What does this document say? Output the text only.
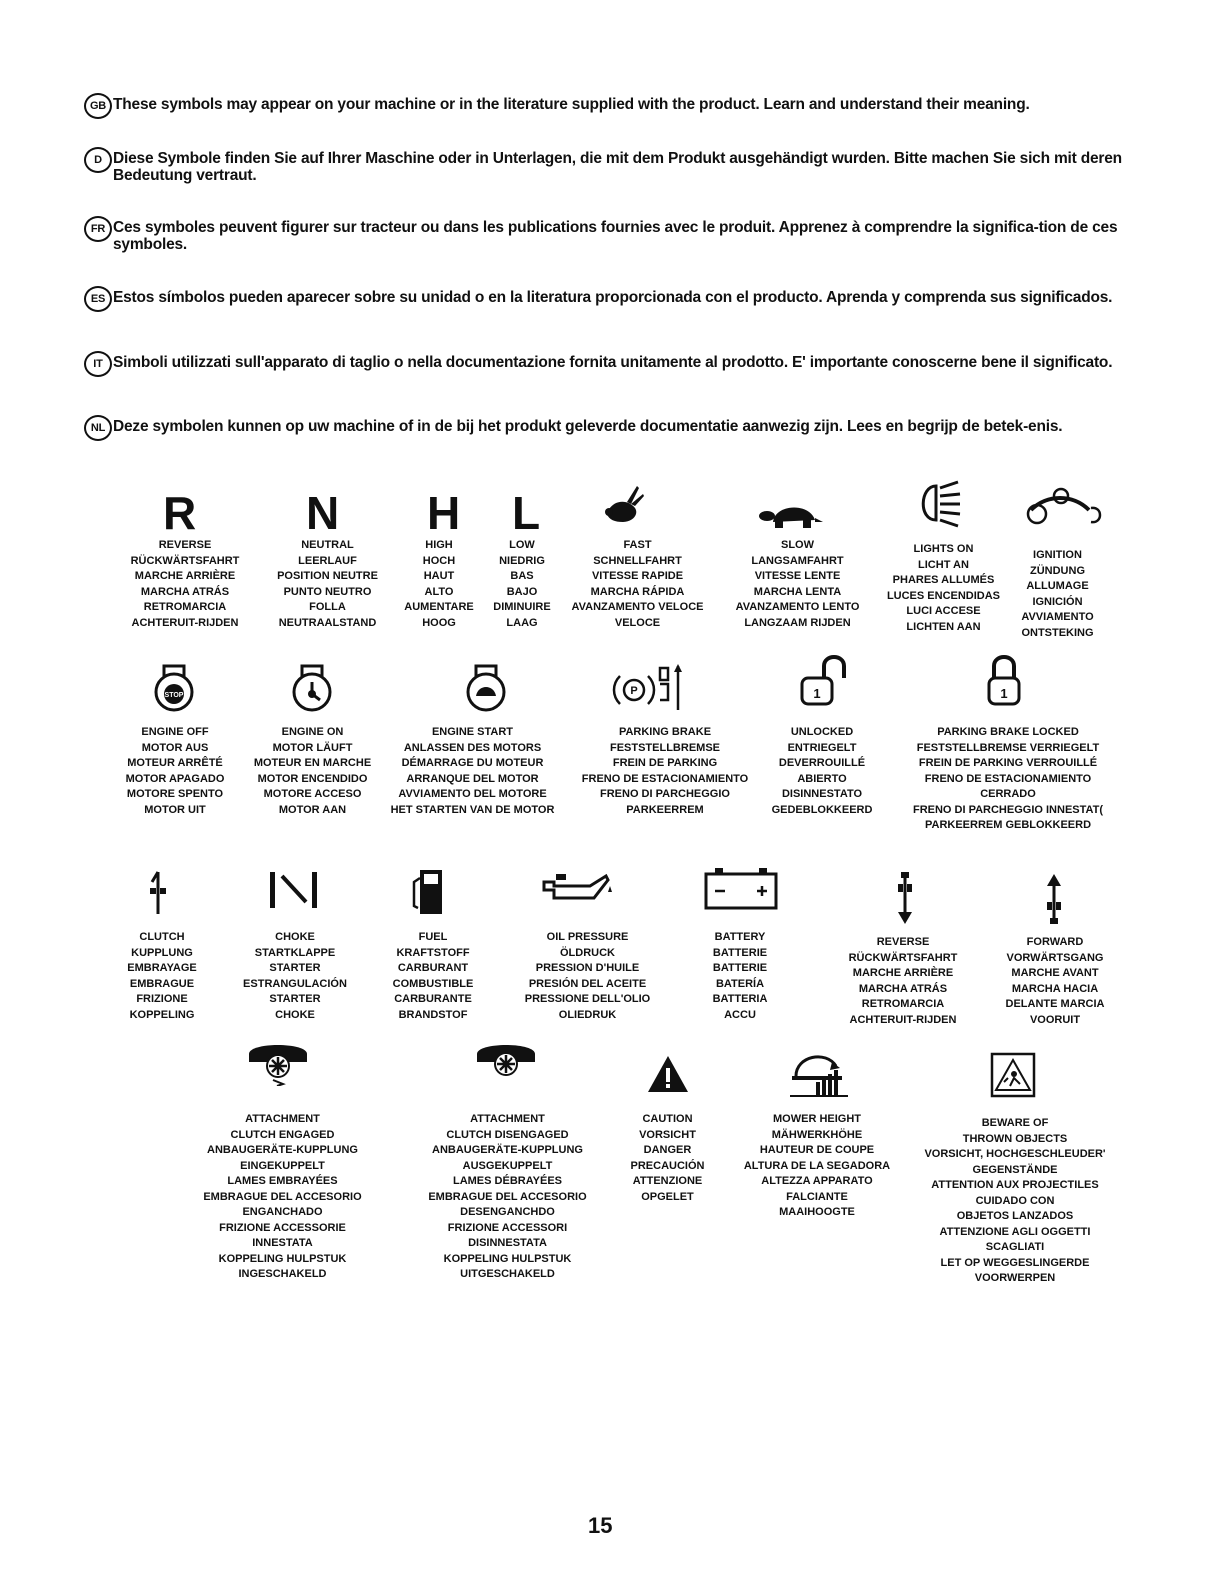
GB These symbols may appear on your machine or in the literature supplied with the product. Learn and understand their meaning.
D Diese Symbole finden Sie auf Ihrer Maschine oder in Unterlagen, die mit dem Produkt ausgehändigt wurden. Bitte machen Sie sich mit deren Bedeutung vertraut.
FR Ces symboles peuvent figurer sur tracteur ou dans les publications fournies avec le produit. Apprenez à comprendre la significa-tion de ces symboles.
ES Estos símbolos pueden aparecer sobre su unidad o en la literatura proporcionada con el producto. Aprenda y comprenda sus significados.
IT Simboli utilizzati sull'apparato di taglio o nella documentazione fornita unitamente al prodotto. E' importante conoscerne bene il significato.
NL Deze symbolen kunnen op uw machine of in de bij het produkt geleverde documentatie aanwezig zijn. Lees en begrijp de betek-enis.
R N H L
REVERSE
RÜCKWÄRTSFAHRT
MARCHE ARRIÈRE
MARCHA ATRÁS
RETROMARCIA
ACHTERUIT-RIJDEN
NEUTRAL
LEERLAUF
POSITION NEUTRE
PUNTO NEUTRO
FOLLA
NEUTRAALSTAND
HIGH
HOCH
HAUT
ALTO
AUMENTARE
HOOG
LOW
NIEDRIG
BAS
BAJO
DIMINUIRE
LAAG
FAST
SCHNELLFAHRT
VITESSE RAPIDE
MARCHA RÁPIDA
AVANZAMENTO VELOCE
VELOCE
SLOW
LANGSAMFAHRT
VITESSE LENTE
MARCHA LENTA
AVANZAMENTO LENTO
LANGZAAM RIJDEN
LIGHTS ON
LICHT AN
PHARES ALLUMÉS
LUCES ENCENDIDAS
LUCI ACCESE
LICHTEN AAN
IGNITION
ZÜNDUNG
ALLUMAGE
IGNICIÓN
AVVIAMENTO
ONTSTEKING
STOP	P	1	1
ENGINE OFF
MOTOR AUS
MOTEUR ARRÊTÉ
MOTOR APAGADO
MOTORE SPENTO
MOTOR UIT
ENGINE ON
MOTOR LÄUFT
MOTEUR EN MARCHE
MOTOR ENCENDIDO
MOTORE ACCESO
MOTOR AAN
ENGINE START
ANLASSEN DES MOTORS
DÉMARRAGE DU MOTEUR
ARRANQUE DEL MOTOR
AVVIAMENTO DEL MOTORE
HET STARTEN VAN DE MOTOR
PARKING BRAKE
FESTSTELLBREMSE
FREIN DE PARKING
FRENO DE ESTACIONAMIENTO
FRENO DI PARCHEGGIO
PARKEERREM
UNLOCKED
ENTRIEGELT
DEVERROUILLÉ
ABIERTO
DISINNESTATO
GEDEBLOKKEERD
PARKING BRAKE LOCKED
FESTSTELLBREMSE VERRIEGELT
FREIN DE PARKING VERROUILLÉ
FRENO DE ESTACIONAMIENTO
CERRADO
FRENO DI PARCHEGGIO INNESTAT(
PARKEERREM GEBLOKKEERD
CLUTCH
KUPPLUNG
EMBRAYAGE
EMBRAGUE
FRIZIONE
KOPPELING
CHOKE
STARTKLAPPE
STARTER
ESTRANGULACIÓN
STARTER
CHOKE
FUEL
KRAFTSTOFF
CARBURANT
COMBUSTIBLE
CARBURANTE
BRANDSTOF
OIL PRESSURE
ÖLDRUCK
PRESSION D'HUILE
PRESIÓN DEL ACEITE
PRESSIONE DELL'OLIO
OLIEDRUK
BATTERY
BATTERIE
BATTERIE
BATERÍA
BATTERIA
ACCU
REVERSE
RÜCKWÄRTSFAHRT
MARCHE ARRIÈRE
MARCHA ATRÁS
RETROMARCIA
ACHTERUIT-RIJDEN
FORWARD
VORWÄRTSGANG
MARCHE AVANT
MARCHA HACIA
DELANTE MARCIA
VOORUIT
ATTACHMENT
CLUTCH ENGAGED
ANBAUGERÄTE-KUPPLUNG
EINGEKUPPELT
LAMES EMBRAYÉES
EMBRAGUE DEL ACCESORIO
ENGANCHADO
FRIZIONE ACCESSORIE
INNESTATA
KOPPELING HULPSTUK
INGESCHAKELD
ATTACHMENT
CLUTCH DISENGAGED
ANBAUGERÄTE-KUPPLUNG
AUSGEKUPPELT
LAMES DÉBRAYÉES
EMBRAGUE DEL ACCESORIO
DESENGANCHDO
FRIZIONE ACCESSORI
DISINNESTATA
KOPPELING HULPSTUK
UITGESCHAKELD
CAUTION
VORSICHT
DANGER
PRECAUCIÓN
ATTENZIONE
OPGELET
MOWER HEIGHT
MÄHWERKHÖHE
HAUTEUR DE COUPE
ALTURA DE LA SEGADORA
ALTEZZA APPARATO
FALCIANTE
MAAIHOOGTE
BEWARE OF
THROWN OBJECTS
VORSICHT, HOCHGESCHLEUDER'
GEGENSTÄNDE
ATTENTION AUX PROJECTILES
CUIDADO CON
OBJETOS LANZADOS
ATTENZIONE AGLI OGGETTI
SCAGLIATI
LET OP WEGGESLINGERDE
VOORWERPEN
15
